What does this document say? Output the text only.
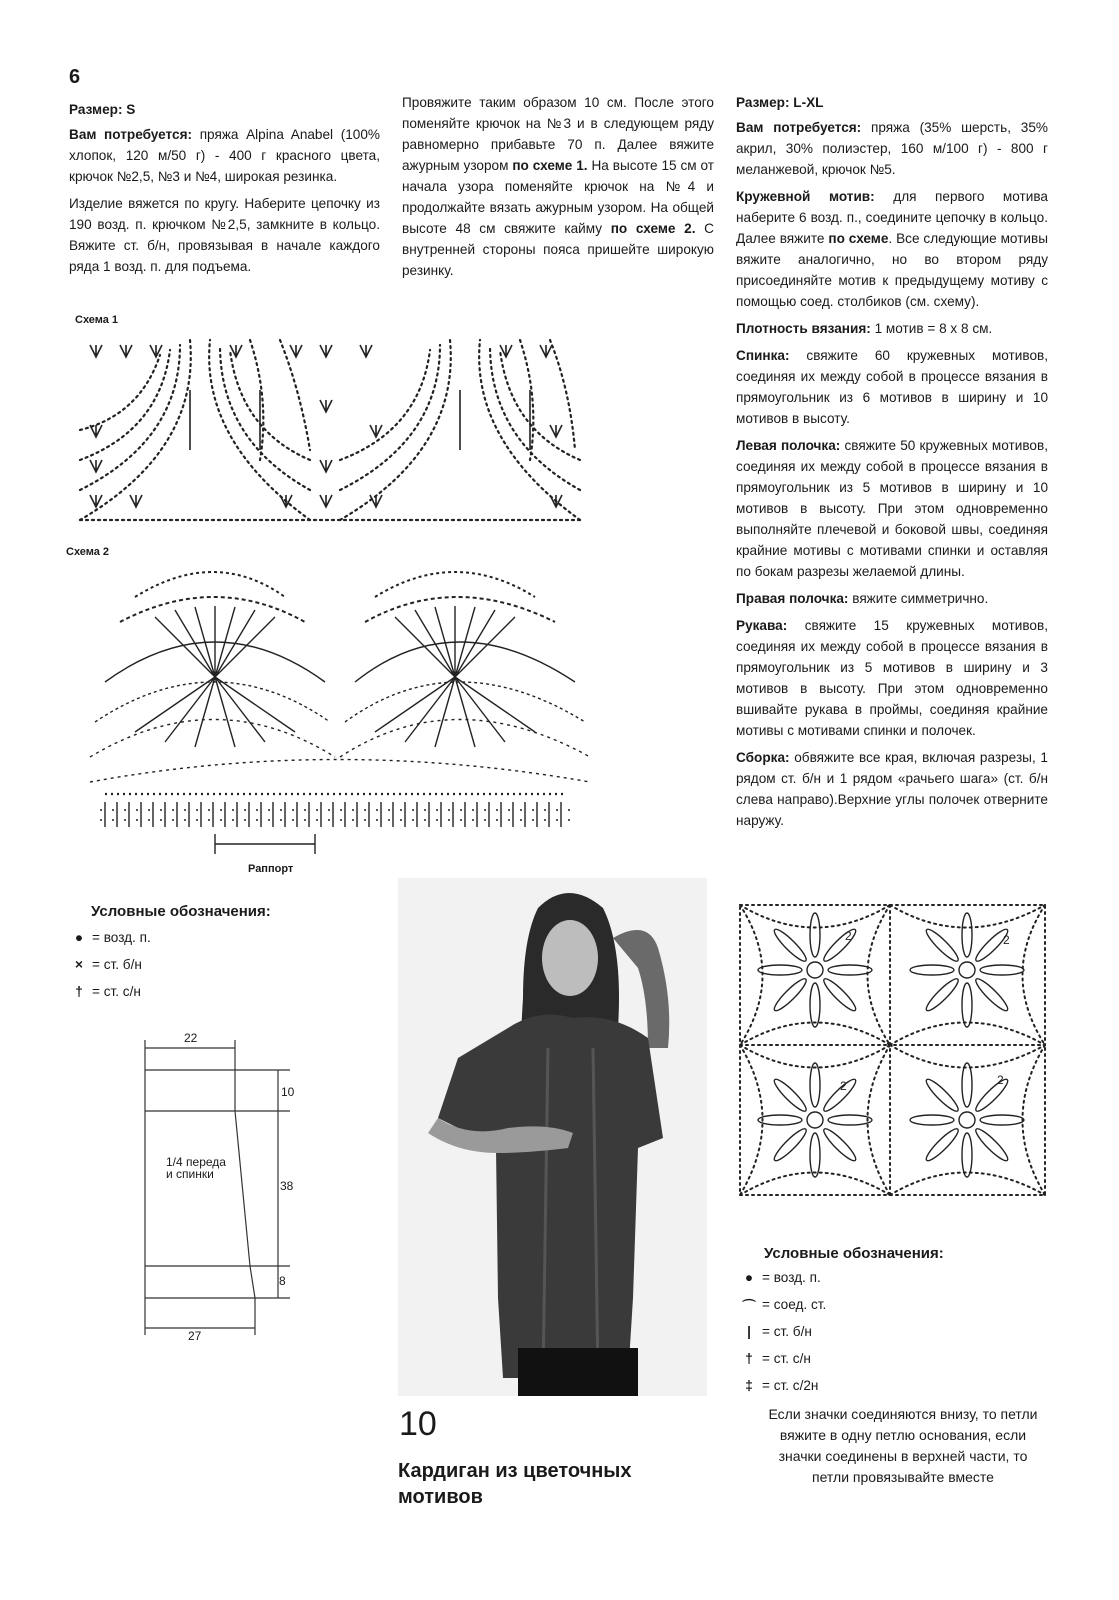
6

Размер: S

Вам потребуется: пряжа Alpina Anabel (100% хлопок, 120 м/50 г) - 400 г красного цвета, крючок №2,5, №3 и №4, широкая резинка.

Изделие вяжется по кругу. Наберите цепочку из 190 возд. п. крючком №2,5, замкните в кольцо. Вяжите ст. б/н, провязывая в начале каждого ряда 1 возд. п. для подъема.

Провяжите таким образом 10 см. После этого поменяйте крючок на №3 и в следующем ряду равномерно прибавьте 70 п. Далее вяжите ажурным узором по схеме 1. На высоте 15 см от начала узора поменяйте крючок на №4 и продолжайте вязать ажурным узором. На общей высоте 48 см свяжите кайму по схеме 2. С внутренней стороны пояса пришейте широкую резинку.
Схема 1
Схема 2
Раппорт
Условные обозначения:
● = возд. п.
× = ст. б/н
† = ст. с/н
22
10
1/4 переда и спинки
38
8
27
10
Кардиган из цветочных мотивов

Размер: L-XL

Вам потребуется: пряжа (35% шерсть, 35% акрил, 30% полиэстер, 160 м/100 г) - 800 г меланжевой, крючок №5.

Кружевной мотив: для первого мотива наберите 6 возд. п., соедините цепочку в кольцо. Далее вяжите по схеме. Все следующие мотивы вяжите аналогично, но во втором ряду присоединяйте мотив к предыдущему мотиву с помощью соед. столбиков (см. схему).

Плотность вязания: 1 мотив = 8 х 8 см.

Спинка: свяжите 60 кружевных мотивов, соединяя их между собой в процессе вязания в прямоугольник из 6 мотивов в ширину и 10 мотивов в высоту.

Левая полочка: свяжите 50 кружевных мотивов, соединяя их между собой в процессе вязания в прямоугольник из 5 мотивов в ширину и 10 мотивов в высоту. При этом одновременно выполняйте плечевой и боковой швы, соединяя крайние мотивы с мотивами спинки и оставляя по бокам разрезы желаемой длины.

Правая полочка: вяжите симметрично.

Рукава: свяжите 15 кружевных мотивов, соединяя их между собой в процессе вязания в прямоугольник из 5 мотивов в ширину и 3 мотивов в высоту. При этом одновременно вшивайте рукава в проймы, соединяя крайние мотивы с мотивами спинки и полочек.

Сборка: обвяжите все края, включая разрезы, 1 рядом ст. б/н и 1 рядом «рачьего шага» (ст. б/н слева направо).Верхние углы полочек отверните наружу.

2	2
2	2
Условные обозначения:
● = возд. п.
⌒ = соед. ст.
| = ст. б/н
† = ст. с/н
‡ = ст. с/2н
Если значки соединяются внизу, то петли вяжите в одну петлю основания, если значки соединены в верхней части, то петли провязывайте вместе
